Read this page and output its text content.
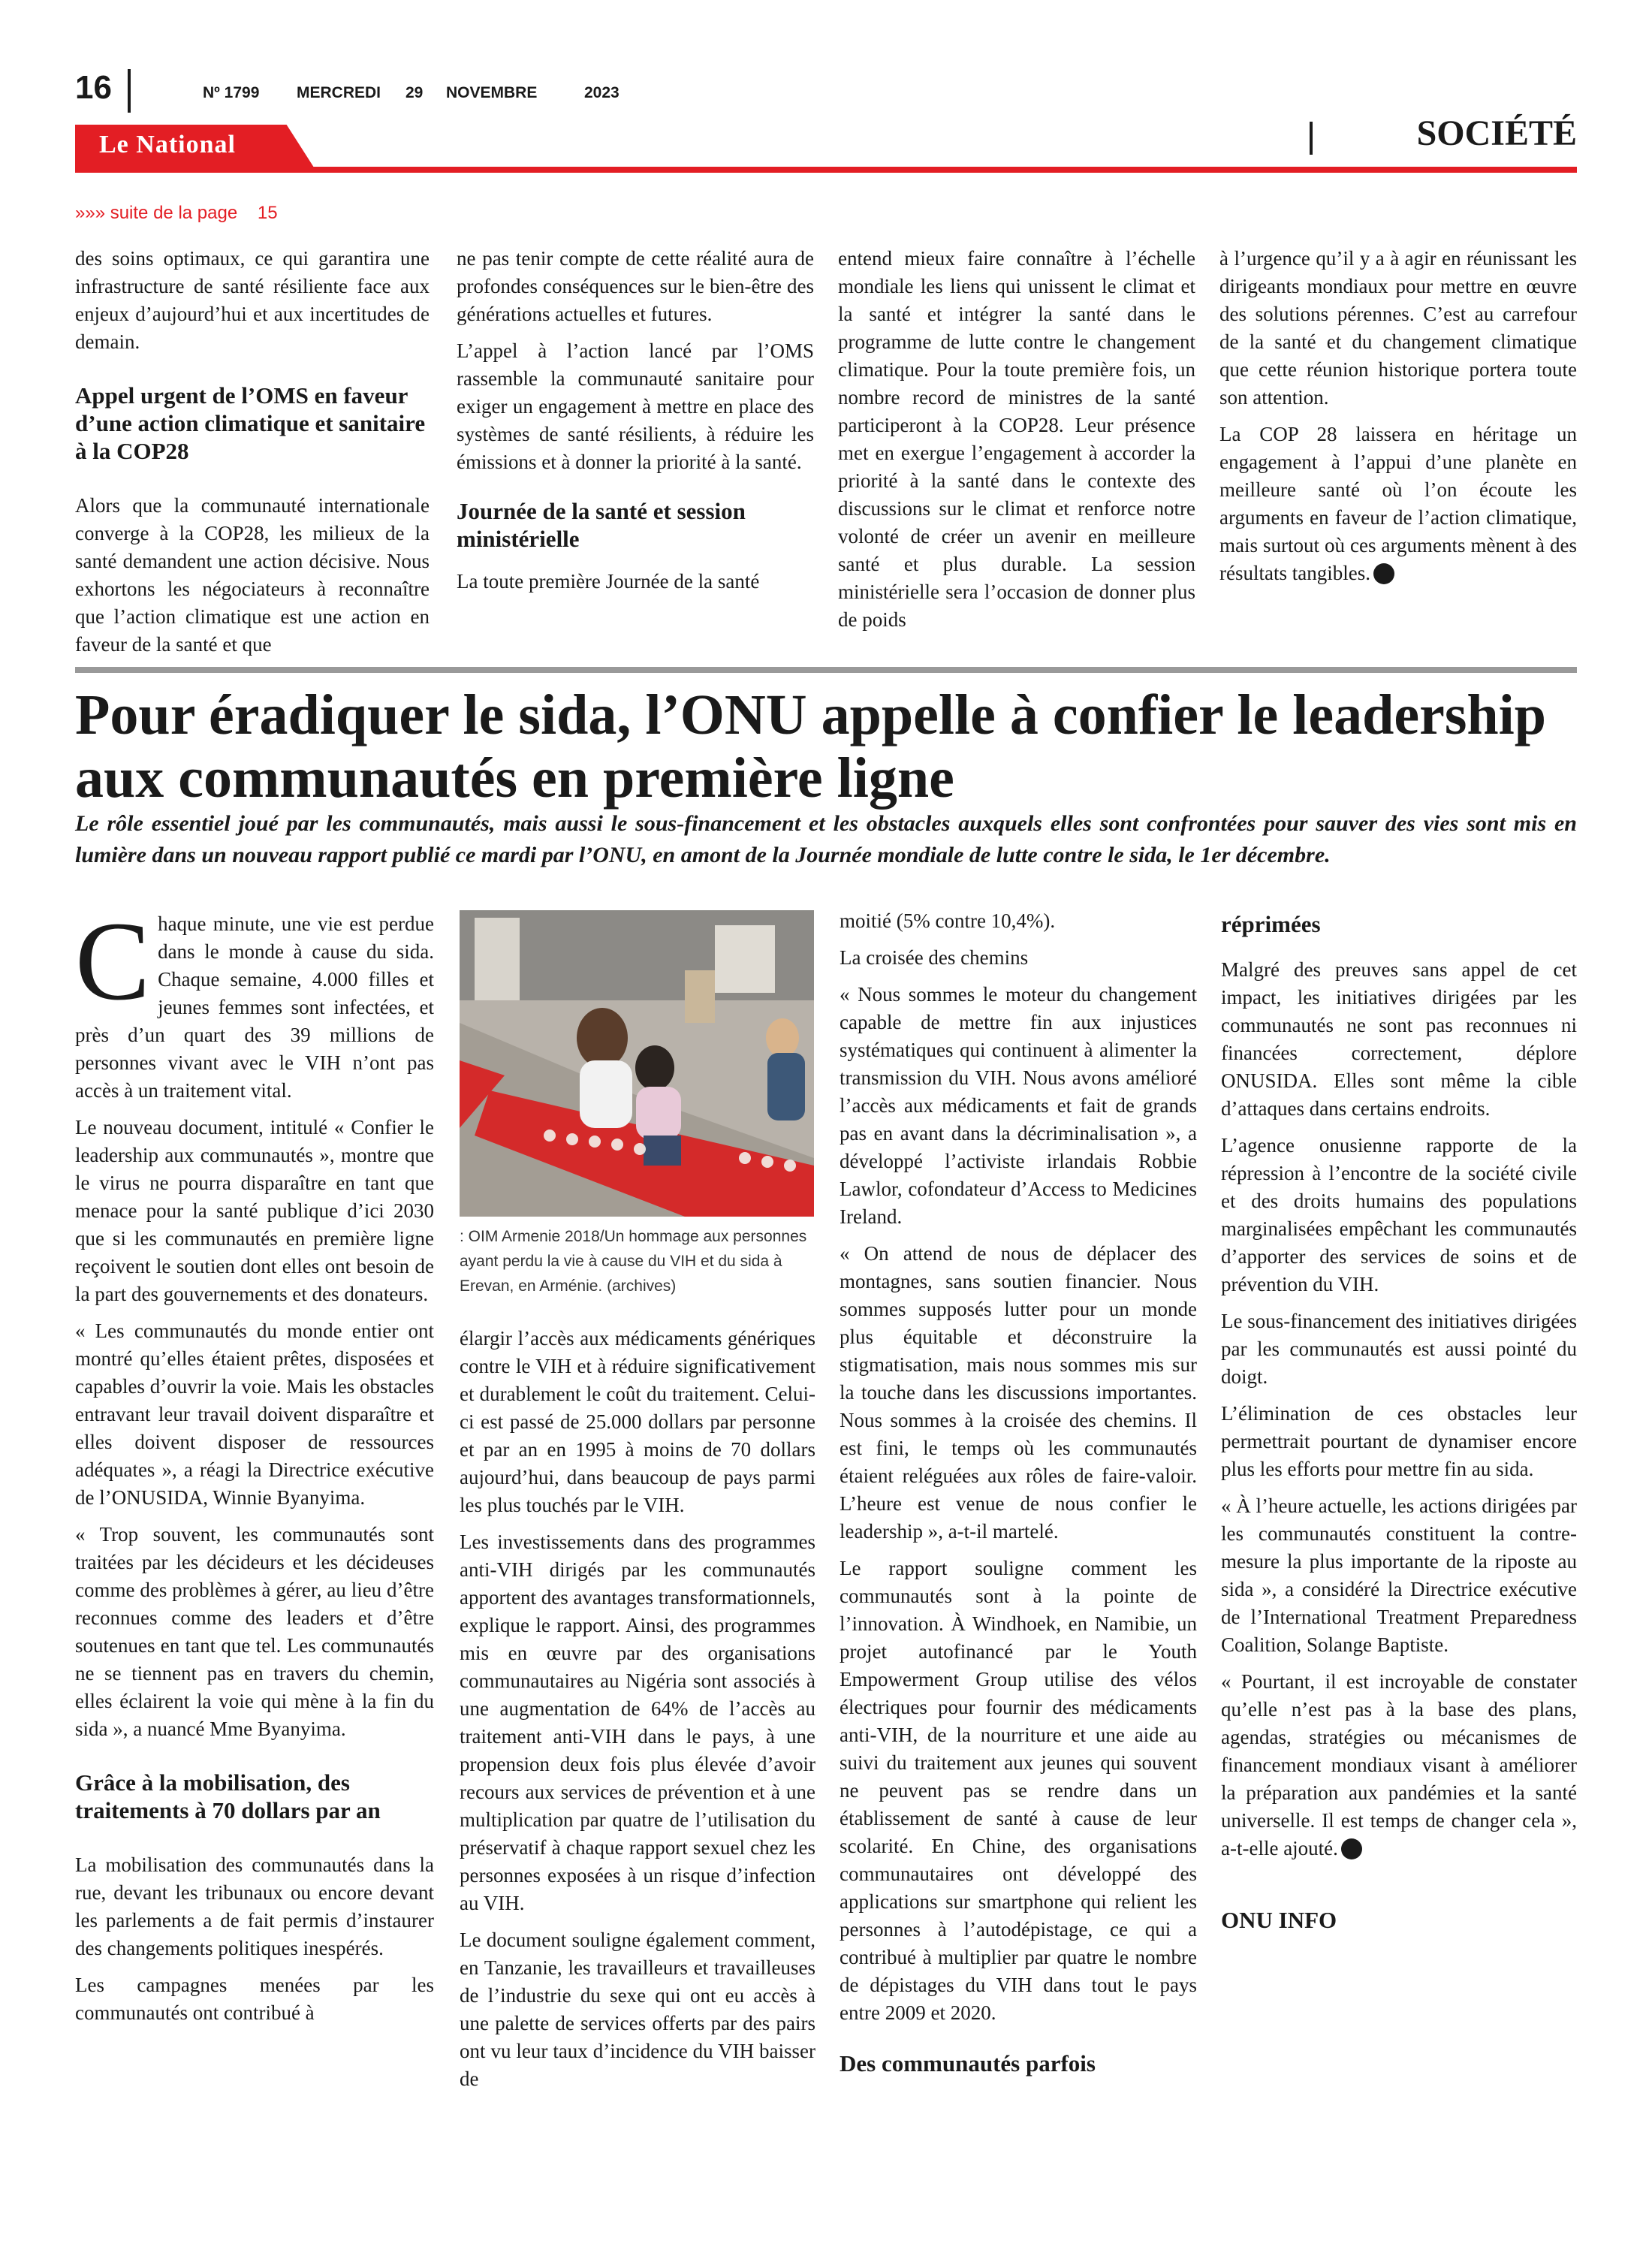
16	Nº 1799 MERCREDI 29 NOVEMBRE	2023
Le National	SOCIÉTÉ
»»» suite de la page 15

des soins optimaux, ce qui garantira une infrastructure de santé résiliente face aux enjeux d’aujourd’hui et aux incertitudes de demain.

Appel urgent de l’OMS en faveur d’une action climatique et sanitaire à la COP28

Alors que la communauté internationale converge à la COP28, les milieux de la santé demandent une action décisive. Nous exhortons les négociateurs à reconnaître que l’action climatique est une action en faveur de la santé et que

ne pas tenir compte de cette réalité aura de profondes conséquences sur le bien-être des générations actuelles et futures.

L’appel à l’action lancé par l’OMS rassemble la communauté sanitaire pour exiger un engagement à mettre en place des systèmes de santé résilients, à réduire les émissions et à donner la priorité à la santé.

Journée de la santé et session ministérielle

La toute première Journée de la santé

entend mieux faire connaître à l’échelle mondiale les liens qui unissent le climat et la santé et intégrer la santé dans le programme de lutte contre le changement climatique. Pour la toute première fois, un nombre record de ministres de la santé participeront à la COP28. Leur présence met en exergue l’engagement à accorder la priorité à la santé dans le contexte des discussions sur le climat et renforce notre volonté de créer un avenir en meilleure santé et plus durable. La session ministérielle sera l’occasion de donner plus de poids

à l’urgence qu’il y a à agir en réunissant les dirigeants mondiaux pour mettre en œuvre des solutions pérennes. C’est au carrefour de la santé et du changement climatique que cette réunion historique portera toute son attention.

La COP 28 laissera en héritage un engagement à l’appui d’une planète en meilleure santé où l’on écoute les arguments en faveur de l’action climatique, mais surtout où ces arguments mènent à des résultats tangibles.

Pour éradiquer le sida, l’ONU appelle à confier le leadership aux communautés en première ligne
Le rôle essentiel joué par les communautés, mais aussi le sous-financement et les obstacles auxquels elles sont confrontées pour sauver des vies sont mis en lumière dans un nouveau rapport publié ce mardi par l’ONU, en amont de la Journée mondiale de lutte contre le sida, le 1er décembre.

Chaque minute, une vie est perdue dans le monde à cause du sida. Chaque semaine, 4.000 filles et jeunes femmes sont infectées, et près d’un quart des 39 millions de personnes vivant avec le VIH n’ont pas accès à un traitement vital.

Le nouveau document, intitulé « Confier le leadership aux communautés », montre que le virus ne pourra disparaître en tant que menace pour la santé publique d’ici 2030 que si les communautés en première ligne reçoivent le soutien dont elles ont besoin de la part des gouvernements et des donateurs.

« Les communautés du monde entier ont montré qu’elles étaient prêtes, disposées et capables d’ouvrir la voie. Mais les obstacles entravant leur travail doivent disparaître et elles doivent disposer de ressources adéquates », a réagi la Directrice exécutive de l’ONUSIDA, Winnie Byanyima.

« Trop souvent, les communautés sont traitées par les décideurs et les décideuses comme des problèmes à gérer, au lieu d’être reconnues comme des leaders et d’être soutenues en tant que tel. Les communautés ne se tiennent pas en travers du chemin, elles éclairent la voie qui mène à la fin du sida », a nuancé Mme Byanyima.

Grâce à la mobilisation, des traitements à 70 dollars par an

La mobilisation des communautés dans la rue, devant les tribunaux ou encore devant les parlements a de fait permis d’instaurer des changements politiques inespérés.

Les campagnes menées par les communautés ont contribué à

: OIM Armenie 2018/Un hommage aux personnes ayant perdu la vie à cause du VIH et du sida à Erevan, en Arménie. (archives)

élargir l’accès aux médicaments génériques contre le VIH et à réduire significativement et durablement le coût du traitement. Celui-ci est passé de 25.000 dollars par personne et par an en 1995 à moins de 70 dollars aujourd’hui, dans beaucoup de pays parmi les plus touchés par le VIH.

Les investissements dans des programmes anti-VIH dirigés par les communautés apportent des avantages transformationnels, explique le rapport. Ainsi, des programmes mis en œuvre par des organisations communautaires au Nigéria sont associés à une augmentation de 64% de l’accès au traitement anti-VIH dans le pays, à une propension deux fois plus élevée d’avoir recours aux services de prévention et à une multiplication par quatre de l’utilisation du préservatif à chaque rapport sexuel chez les personnes exposées à un risque d’infection au VIH.

Le document souligne également comment, en Tanzanie, les travailleurs et travailleuses de l’industrie du sexe qui ont eu accès à une palette de services offerts par des pairs ont vu leur taux d’incidence du VIH baisser de

moitié (5% contre 10,4%).

La croisée des chemins

« Nous sommes le moteur du changement capable de mettre fin aux injustices systématiques qui continuent à alimenter la transmission du VIH. Nous avons amélioré l’accès aux médicaments et fait de grands pas en avant dans la décriminalisation », a développé l’activiste irlandais Robbie Lawlor, cofondateur d’Access to Medicines Ireland.

« On attend de nous de déplacer des montagnes, sans soutien financier. Nous sommes supposés lutter pour un monde plus équitable et déconstruire la stigmatisation, mais nous sommes mis sur la touche dans les discussions importantes. Nous sommes à la croisée des chemins. Il est fini, le temps où les communautés étaient reléguées aux rôles de faire-valoir. L’heure est venue de nous confier le leadership », a-t-il martelé.

Le rapport souligne comment les communautés sont à la pointe de l’innovation. À Windhoek, en Namibie, un projet autofinancé par le Youth Empowerment Group utilise des vélos électriques pour fournir des médicaments anti-VIH, de la nourriture et une aide au suivi du traitement aux jeunes qui souvent ne peuvent pas se rendre dans un établissement de santé à cause de leur scolarité. En Chine, des organisations communautaires ont développé des applications sur smartphone qui relient les personnes à l’autodépistage, ce qui a contribué à multiplier par quatre le nombre de dépistages du VIH dans tout le pays entre 2009 et 2020.

Des communautés parfois
réprimées

Malgré des preuves sans appel de cet impact, les initiatives dirigées par les communautés ne sont pas reconnues ni financées correctement, déplore ONUSIDA. Elles sont même la cible d’attaques dans certains endroits.

L’agence onusienne rapporte de la répression à l’encontre de la société civile et des droits humains des populations marginalisées empêchant les communautés d’apporter des services de soins et de prévention du VIH.

Le sous-financement des initiatives dirigées par les communautés est aussi pointé du doigt.

L’élimination de ces obstacles leur permettrait pourtant de dynamiser encore plus les efforts pour mettre fin au sida.

« À l’heure actuelle, les actions dirigées par les communautés constituent la contre-mesure la plus importante de la riposte au sida », a considéré la Directrice exécutive de l’International Treatment Preparedness Coalition, Solange Baptiste.

« Pourtant, il est incroyable de constater qu’elle n’est pas à la base des plans, agendas, stratégies ou mécanismes de financement mondiaux visant à améliorer la préparation aux pandémies et la santé universelle. Il est temps de changer cela », a-t-elle ajouté.

ONU INFO
